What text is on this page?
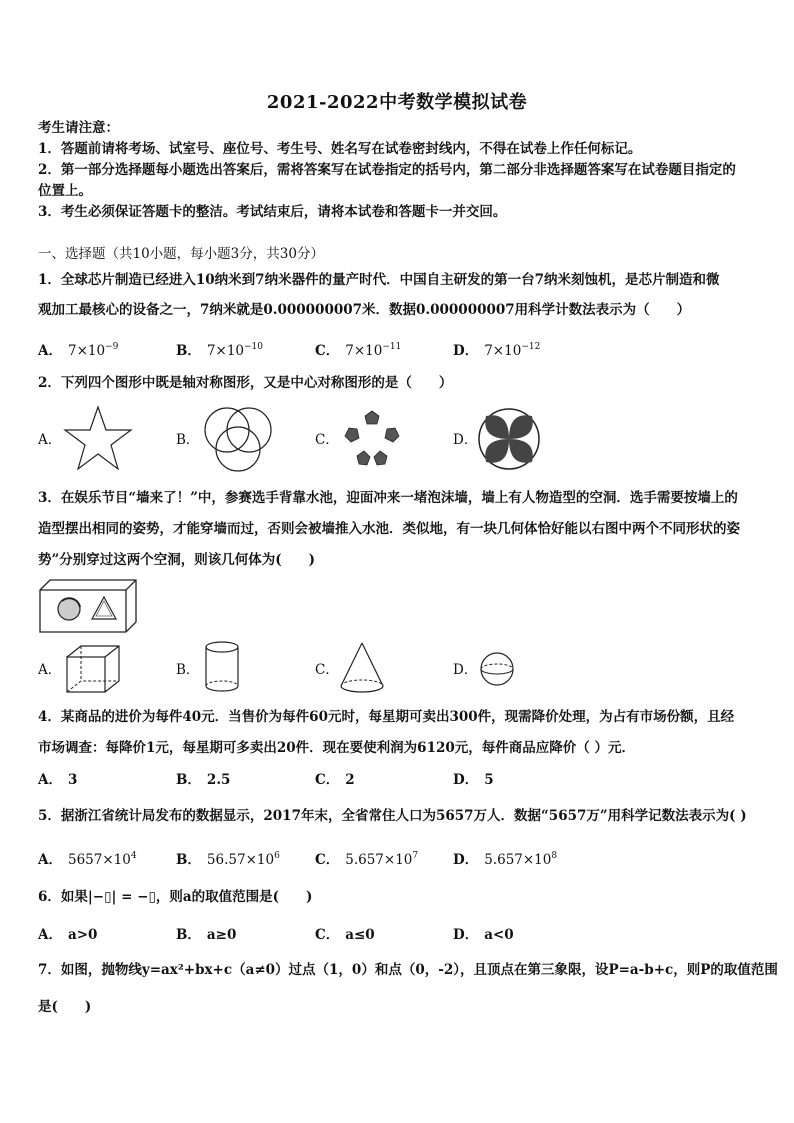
2021-2022中考数学模拟试卷
考生请注意：
1．答题前请将考场、试室号、座位号、考生号、姓名写在试卷密封线内，不得在试卷上作任何标记。
2．第一部分选择题每小题选出答案后，需将答案写在试卷指定的括号内，第二部分非选择题答案写在试卷题目指定的
位置上。
3．考生必须保证答题卡的整洁。考试结束后，请将本试卷和答题卡一并交回。
一、选择题（共10小题，每小题3分，共30分）
1．全球芯片制造已经进入10纳米到7纳米器件的量产时代．中国自主研发的第一台7纳米刻蚀机，是芯片制造和微
观加工最核心的设备之一，7纳米就是0.000000007米．数据0.000000007用科学计数法表示为（　　）
A． $7\times 10^{-9}$	B． $7\times 10^{-10}$	C． $7\times 10^{-11}$	D． $7\times 10^{-12}$
2．下列四个图形中既是轴对称图形，又是中心对称图形的是（　　）
A．	B．	C．	D．
3．在娱乐节目“墙来了！”中，参赛选手背靠水池，迎面冲来一堵泡沫墙，墙上有人物造型的空洞．选手需要按墙上的
造型摆出相同的姿势，才能穿墙而过，否则会被墙推入水池．类似地，有一块几何体恰好能以右图中两个不同形状的姿
势”分别穿过这两个空洞，则该几何体为(　　)
A．	B．	C．	D．
4．某商品的进价为每件40元．当售价为每件60元时，每星期可卖出300件，现需降价处理，为占有市场份额，且经
市场调查：每降价1元，每星期可多卖出20件．现在要使利润为6120元，每件商品应降价（ ）元．
A． 3	B． 2.5	C． 2	D． 5
5．据浙江省统计局发布的数据显示，2017年末，全省常住人口为5657万人．数据“5657万”用科学记数法表示为( )
A． $5657\times 10^4$	B． $56.57\times 10^6$	C． $5.657\times 10^7$	D． $5.657\times 10^8$
6．如果|−▯| = −▯，则a的取值范围是(　　)
A． a>0	B． a≥0	C． a≤0	D． a<0
7．如图，抛物线y=ax²+bx+c（a≠0）过点（1，0）和点（0，-2），且顶点在第三象限，设P=a-b+c，则P的取值范围
是(　　)
